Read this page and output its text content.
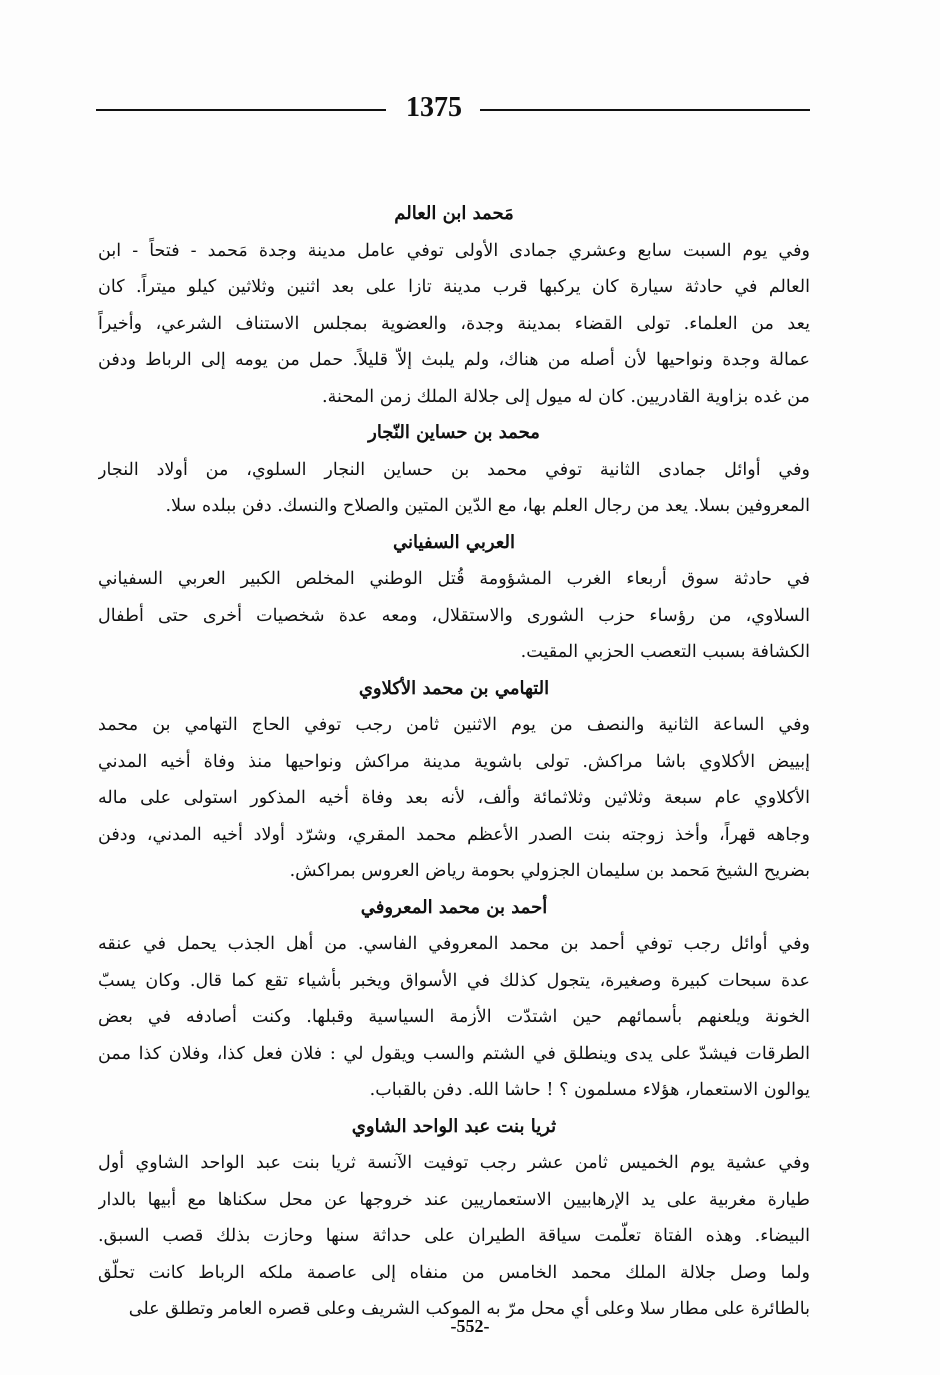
1375
مَحمد ابن العالم
وفي يوم السبت سابع وعشري جمادى الأولى توفي عامل مدينة وجدة مَحمد - فتحاً - ابن
العالم في حادثة سيارة كان يركبها قرب مدينة تازا على بعد اثنين وثلاثين كيلو ميتراً. كان
يعد من العلماء. تولى القضاء بمدينة وجدة، والعضوية بمجلس الاستناف الشرعي، وأخيراً
عمالة وجدة ونواحيها لأن أصله من هناك، ولم يلبث إلاّ قليلاً. حمل من يومه إلى الرباط ودفن
من غده بزاوية القادريين. كان له ميول إلى جلالة الملك زمن المحنة.
محمد بن حساين النّجار
وفي أوائل جمادى الثانية توفي محمد بن حساين النجار السلوي، من أولاد النجار
المعروفين بسلا. يعد من رجال العلم بها، مع الدّين المتين والصلاح والنسك. دفن ببلده سلا.
العربي السفياني
في حادثة سوق أربعاء الغرب المشؤومة قُتل الوطني المخلص الكبير العربي السفياني
السلاوي، من رؤساء حزب الشورى والاستقلال، ومعه عدة شخصيات أخرى حتى أطفال
الكشافة بسبب التعصب الحزبي المقيت.
التهامي بن محمد الأكلاوي
وفي الساعة الثانية والنصف من يوم الاثنين ثامن رجب توفي الحاج التهامي بن محمد
إبييض الأكلاوي باشا مراكش. تولى باشوية مدينة مراكش ونواحيها منذ وفاة أخيه المدني
الأكلاوي عام سبعة وثلاثين وثلاثمائة وألف، لأنه بعد وفاة أخيه المذكور استولى على ماله
وجاهه قهراً، وأخذ زوجته بنت الصدر الأعظم محمد المقري، وشرّد أولاد أخيه المدني، ودفن
بضريح الشيخ مَحمد بن سليمان الجزولي بحومة رياض العروس بمراكش.
أحمد بن محمد المعروفي
وفي أوائل رجب توفي أحمد بن محمد المعروفي الفاسي. من أهل الجذب يحمل في عنقه
عدة سبحات كبيرة وصغيرة، يتجول كذلك في الأسواق ويخبر بأشياء تقع كما قال. وكان يسبّ
الخونة ويلعنهم بأسمائهم حين اشتدّت الأزمة السياسية وقبلها. وكنت أصادفه في بعض
الطرقات فيشدّ على يدى وينطلق في الشتم والسب ويقول لي : فلان فعل كذا، وفلان كذا ممن
يوالون الاستعمار، هؤلاء مسلمون ؟ ! حاشا الله. دفن بالقباب.
ثريا بنت عبد الواحد الشاوي
وفي عشية يوم الخميس ثامن عشر رجب توفيت الآنسة ثريا بنت عبد الواحد الشاوي أول
طيارة مغربية على يد الإرهابيين الاستعماريين عند خروجها عن محل سكناها مع أبيها بالدار
البيضاء. وهذه الفتاة تعلّمت سياقة الطيران على حداثة سنها وحازت بذلك قصب السبق.
ولما وصل جلالة الملك محمد الخامس من منفاه إلى عاصمة ملكه الرباط كانت تحلّق
بالطائرة على مطار سلا وعلى أي محل مرّ به الموكب الشريف وعلى قصره العامر وتطلق على
-552-
